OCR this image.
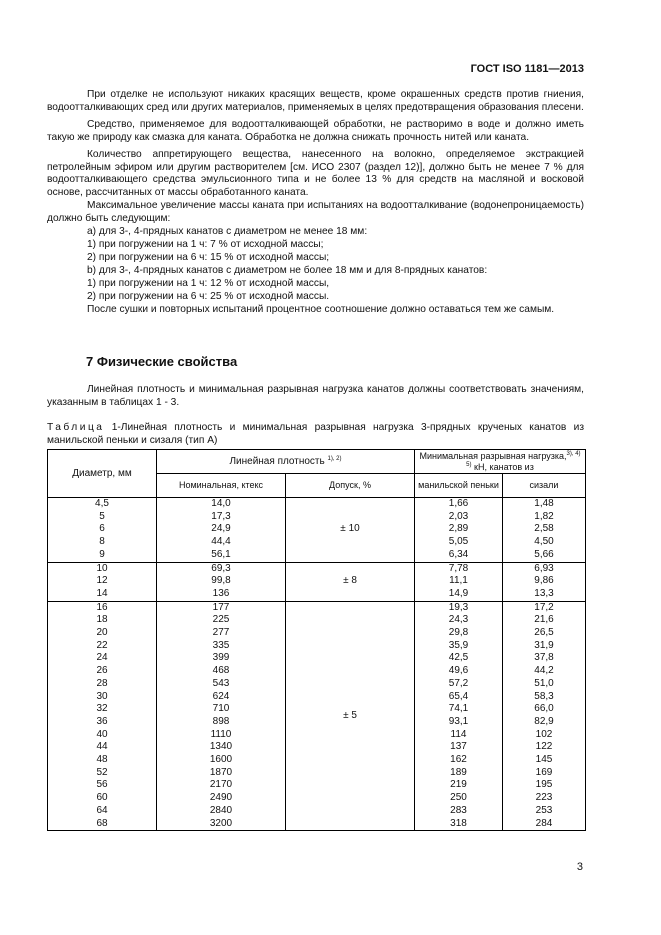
ГОСТ ISO 1181—2013

При отделке не используют никаких красящих веществ, кроме окрашенных средств против гниения, водоотталкивающих сред или других материалов, применяемых в целях предотвращения образования плесени.

Средство, применяемое для водоотталкивающей обработки, не растворимо в воде и должно иметь такую же природу как смазка для каната. Обработка не должна снижать прочность нитей или каната.

Количество аппретирующего вещества, нанесенного на волокно, определяемое экстракцией петролейным эфиром или другим растворителем [см. ИСО 2307 (раздел 12)], должно быть не менее 7 % для водоотталкивающего средства эмульсионного типа и не более 13 % для средств на масляной и восковой основе, рассчитанных от массы обработанного каната.

Максимальное увеличение массы каната при испытаниях на водоотталкивание (водонепроницаемость) должно быть следующим:

a) для 3-, 4-прядных канатов с диаметром не менее 18 мм:

1) при погружении на 1 ч: 7 % от исходной массы;

2) при погружении на 6 ч: 15 % от исходной массы;

b) для 3-, 4-прядных канатов с диаметром не более 18 мм и для 8-прядных канатов:

1) при погружении на 1 ч: 12 % от исходной массы,

2) при погружении на 6 ч: 25 % от исходной массы.

После сушки и повторных испытаний процентное соотношение должно оставаться тем же самым.

7 Физические свойства

Линейная плотность и минимальная разрывная нагрузка канатов должны соответствовать значениям, указанным в таблицах 1 - 3.

Таблица 1-Линейная плотность и минимальная разрывная нагрузка 3-прядных крученых канатов из манильской пеньки и сизаля (тип А)
Диаметр, мм	Линейная плотность $^{1), 2)}$		Минимальная разрывная нагрузка,$^{3), 4)}$
$^{5)}$ кН, канатов из	
	Номинальная, ктекс	Допуск, %	манильской пеньки	сизали
4,5	14,0	± 10	1,66	1,48
5	17,3		2,03	1,82
6	24,9		2,89	2,58
8	44,4		5,05	4,50
9	56,1		6,34	5,66
10	69,3	± 8	7,78	6,93
12	99,8		11,1	9,86
14	136		14,9	13,3
16	177	± 5	19,3	17,2
18	225		24,3	21,6
20	277		29,8	26,5
22	335		35,9	31,9
24	399		42,5	37,8
26	468		49,6	44,2
28	543		57,2	51,0
30	624		65,4	58,3
32	710		74,1	66,0
36	898		93,1	82,9
40	1110		114	102
44	1340		137	122
48	1600		162	145
52	1870		189	169
56	2170		219	195
60	2490		250	223
64	2840		283	253
68	3200		318	284
3
